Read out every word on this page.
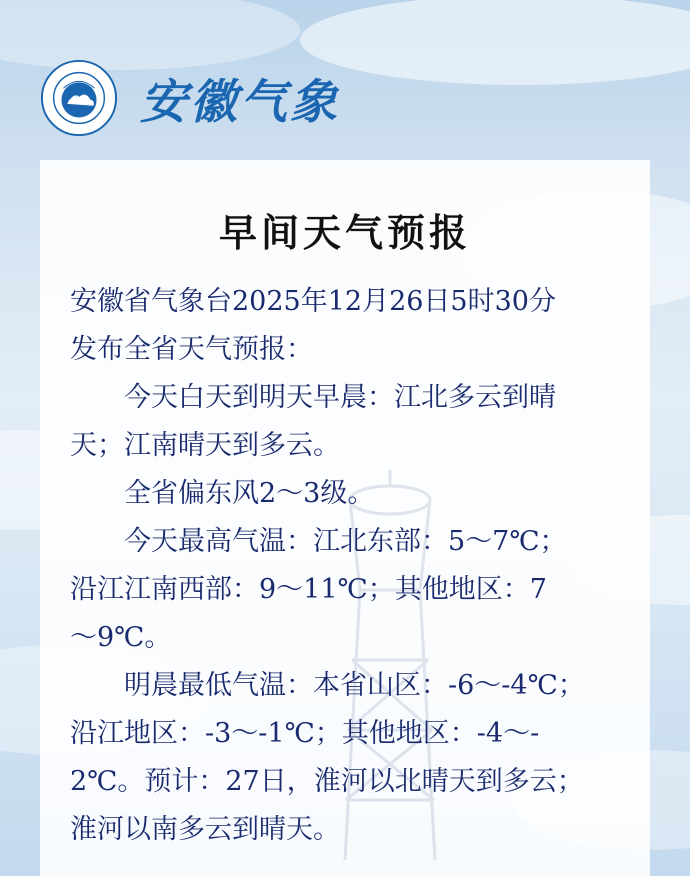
安徽气象
早间天气预报

安徽省气象台2025年12月26日5时30分

发布全省天气预报：

今天白天到明天早晨：江北多云到晴

天；江南晴天到多云。

全省偏东风2～3级。

今天最高气温：江北东部：5～7℃；

沿江江南西部：9～11℃；其他地区：7

～9℃。

明晨最低气温：本省山区：-6～-4℃；

沿江地区：-3～-1℃；其他地区：-4～-

2℃。预计：27日，淮河以北晴天到多云；

淮河以南多云到晴天。
